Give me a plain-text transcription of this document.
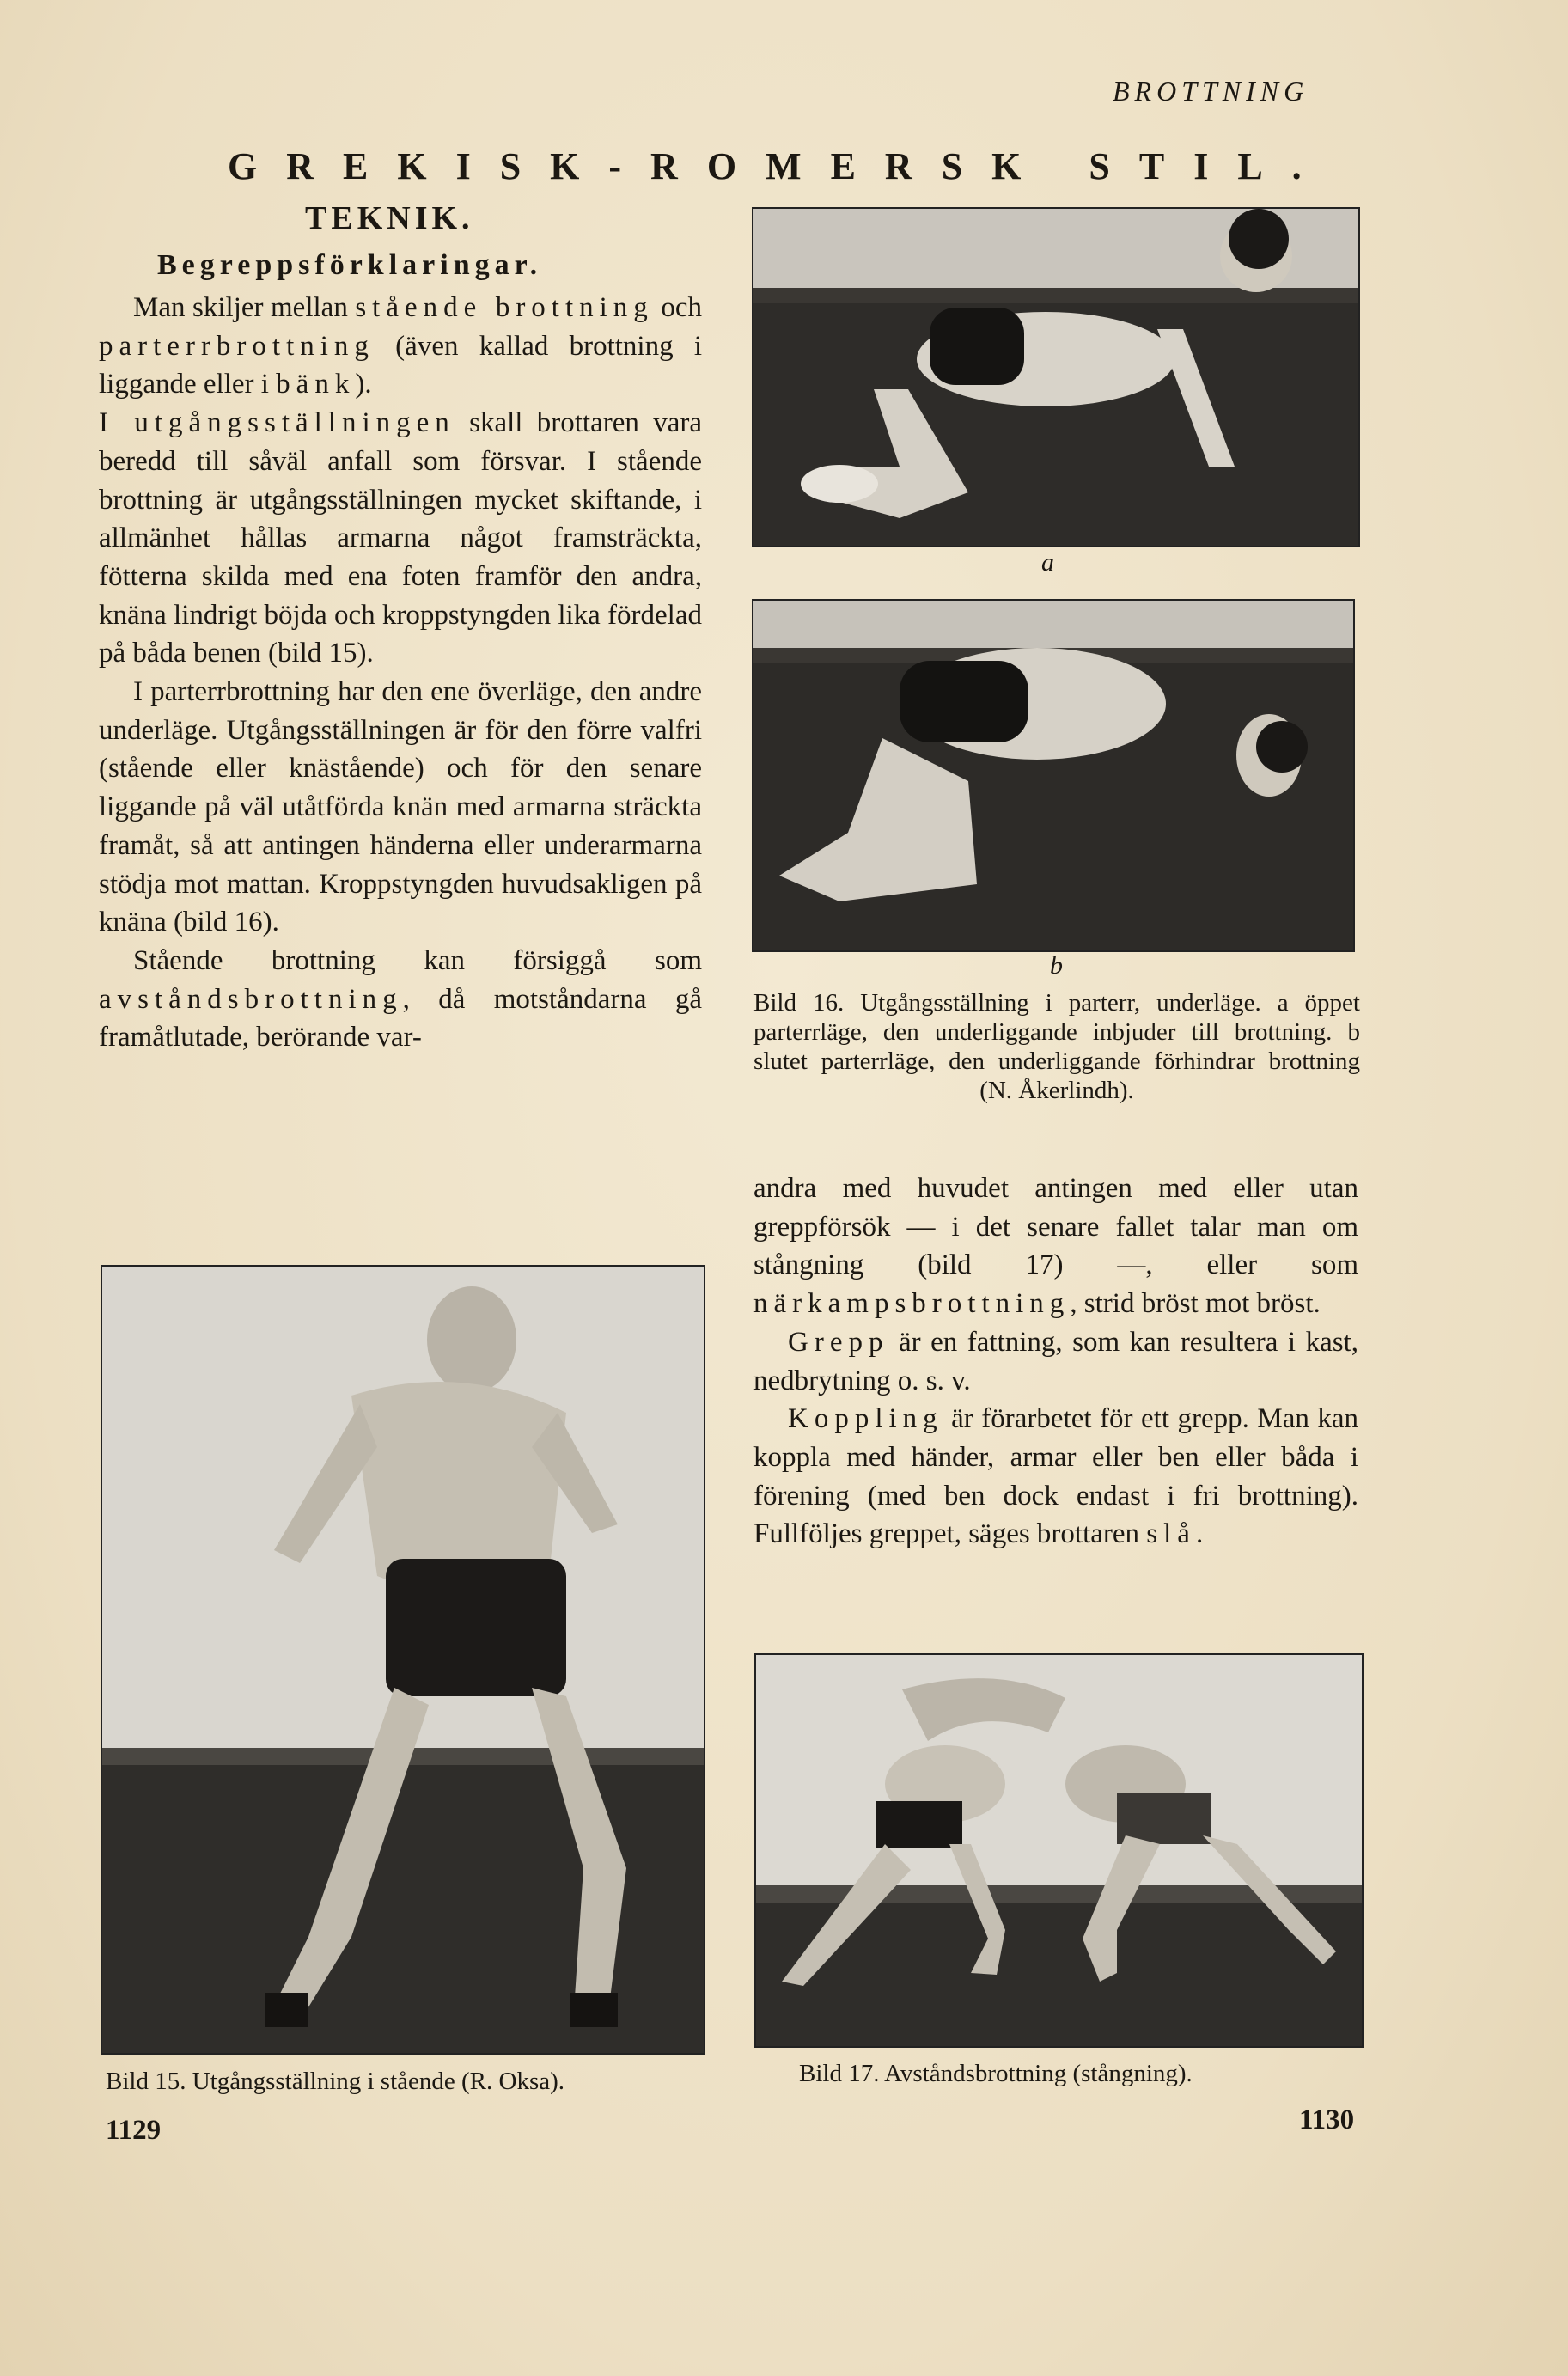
BROTTNING
GREKISK-ROMERSK STIL.
TEKNIK.
Begreppsförklaringar.

Man skiljer mellan stående brottning och parterrbrottning (även kallad brottning i liggande eller i bänk).

I utgångsställningen skall brottaren vara beredd till såväl anfall som försvar. I stående brottning är utgångsställningen mycket skiftande, i allmänhet hållas armarna något framsträckta, fötterna skilda med ena foten framför den andra, knäna lindrigt böjda och kroppstyngden lika fördelad på båda benen (bild 15).

I parterrbrottning har den ene överläge, den andre underläge. Utgångsställningen är för den förre valfri (stående eller knästående) och för den senare liggande på väl utåtförda knän med armarna sträckta framåt, så att antingen händerna eller underarmarna stödja mot mattan. Kroppstyngden huvudsakligen på knäna (bild 16).

Stående brottning kan försiggå som avståndsbrottning, då motståndarna gå framåtlutade, berörande var-

a
b
Bild 16. Utgångsställning i parterr, underläge. a öppet parterrläge, den underliggande inbjuder till brottning. b slutet parterrläge, den underliggande förhindrar brottning (N. Åkerlindh).

andra med huvudet antingen med eller utan greppförsök — i det senare fallet talar man om stångning (bild 17) —, eller som närkampsbrottning, strid bröst mot bröst.

Grepp är en fattning, som kan resultera i kast, nedbrytning o. s. v.

Koppling är förarbetet för ett grepp. Man kan koppla med händer, armar eller ben eller båda i förening (med ben dock endast i fri brottning). Fullföljes greppet, säges brottaren slå.

Bild 15. Utgångsställning i stående (R. Oksa).	Bild 17. Avståndsbrottning (stångning).
1129	1130
